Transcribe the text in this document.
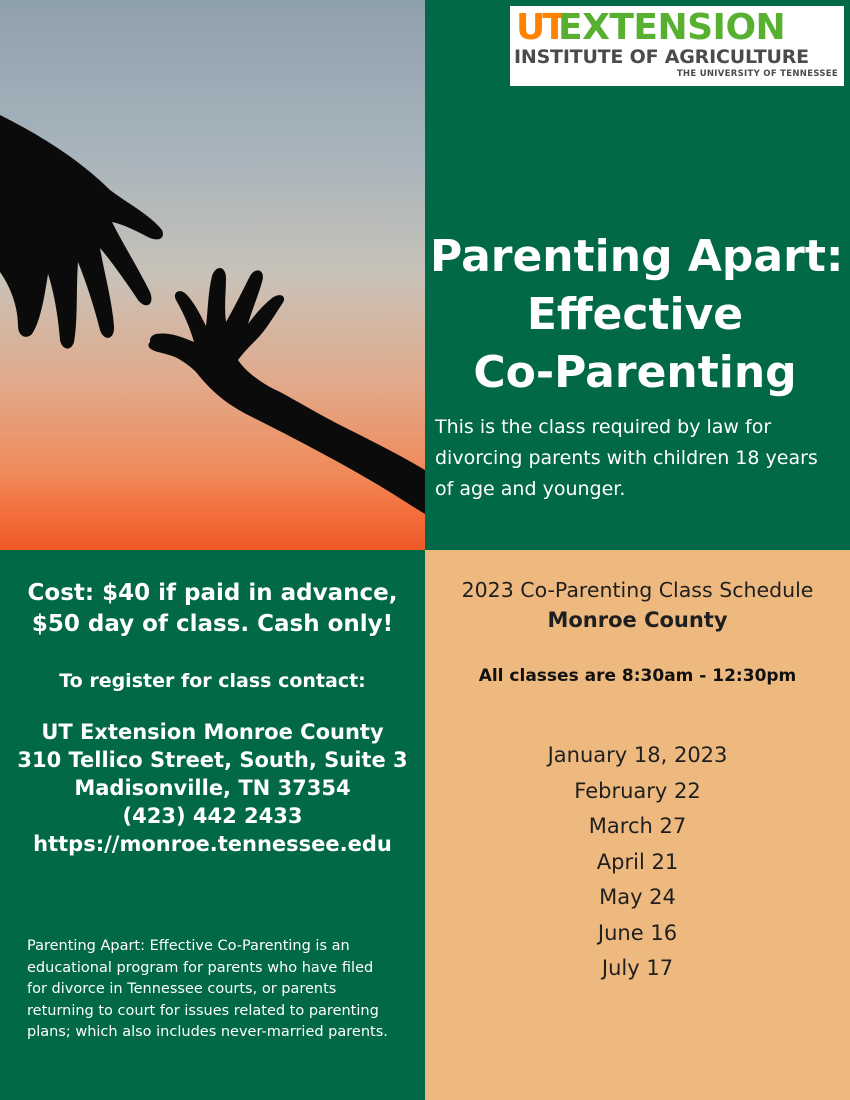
UT
EXTENSION
INSTITUTE OF AGRICULTURE
THE UNIVERSITY OF TENNESSEE
Parenting Apart:
Effective
Co-Parenting
This is the class required by law for divorcing parents with children 18 years of age and younger.
Cost: $40 if paid in advance,
$50 day of class. Cash only!
To register for class contact:
UT Extension Monroe County
310 Tellico Street, South, Suite 3
Madisonville, TN 37354
(423) 442 2433
https://monroe.tennessee.edu
Parenting Apart: Effective Co-Parenting is an educational program for parents who have filed for divorce in Tennessee courts, or parents returning to court for issues related to parenting plans; which also includes never-married parents.
2023 Co-Parenting Class Schedule
Monroe County
All classes are 8:30am - 12:30pm
January 18, 2023
February 22
March 27
April 21
May 24
June 16
July 17
